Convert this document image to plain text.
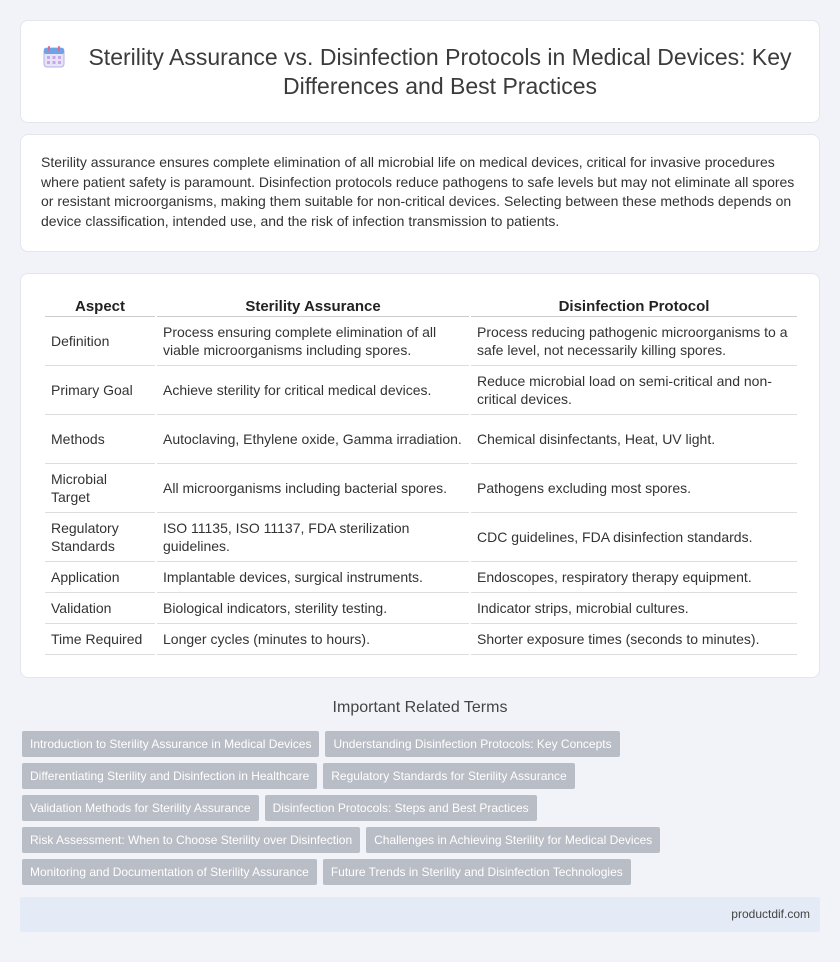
Sterility Assurance vs. Disinfection Protocols in Medical Devices: Key Differences and Best Practices

Sterility assurance ensures complete elimination of all microbial life on medical devices, critical for invasive procedures where patient safety is paramount. Disinfection protocols reduce pathogens to safe levels but may not eliminate all spores or resistant microorganisms, making them suitable for non-critical devices. Selecting between these methods depends on device classification, intended use, and the risk of infection transmission to patients.

Aspect	Sterility Assurance	Disinfection Protocol
Definition	Process ensuring complete elimination of all viable microorganisms including spores.	Process reducing pathogenic microorganisms to a safe level, not necessarily killing spores.
Primary Goal	Achieve sterility for critical medical devices.	Reduce microbial load on semi-critical and non-critical devices.
Methods	Autoclaving, Ethylene oxide, Gamma irradiation.	Chemical disinfectants, Heat, UV light.
Microbial Target	All microorganisms including bacterial spores.	Pathogens excluding most spores.
Regulatory Standards	ISO 11135, ISO 11137, FDA sterilization guidelines.	CDC guidelines, FDA disinfection standards.
Application	Implantable devices, surgical instruments.	Endoscopes, respiratory therapy equipment.
Validation	Biological indicators, sterility testing.	Indicator strips, microbial cultures.
Time Required	Longer cycles (minutes to hours).	Shorter exposure times (seconds to minutes).
Important Related Terms
Introduction to Sterility Assurance in Medical Devices	Understanding Disinfection Protocols: Key Concepts
Differentiating Sterility and Disinfection in Healthcare	Regulatory Standards for Sterility Assurance
Validation Methods for Sterility Assurance	Disinfection Protocols: Steps and Best Practices
Risk Assessment: When to Choose Sterility over Disinfection	Challenges in Achieving Sterility for Medical Devices
Monitoring and Documentation of Sterility Assurance	Future Trends in Sterility and Disinfection Technologies
productdif.com
